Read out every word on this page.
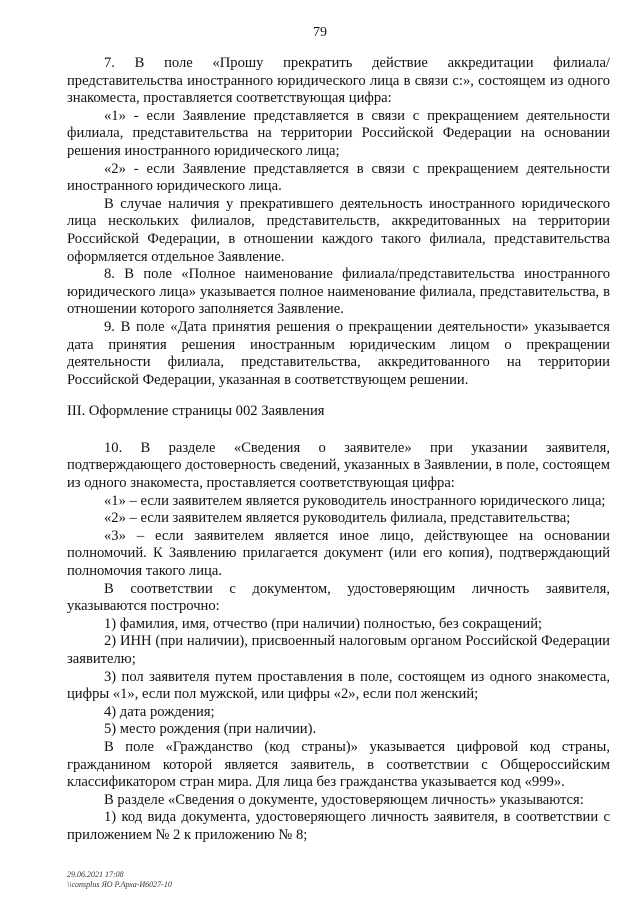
79

7. В поле «Прошу прекратить действие аккредитации филиала/представительства иностранного юридического лица в связи с:», состоящем из одного знакоместа, проставляется соответствующая цифра:

«1» - если Заявление представляется в связи с прекращением деятельности филиала, представительства на территории Российской Федерации на основании решения иностранного юридического лица;

«2» - если Заявление представляется в связи с прекращением деятельности иностранного юридического лица.

В случае наличия у прекратившего деятельность иностранного юридического лица нескольких филиалов, представительств, аккредитованных на территории Российской Федерации, в отношении каждого такого филиала, представительства оформляется отдельное Заявление.

8. В поле «Полное наименование филиала/представительства иностранного юридического лица» указывается полное наименование филиала, представительства, в отношении которого заполняется Заявление.

9. В поле «Дата принятия решения о прекращении деятельности» указывается дата принятия решения иностранным юридическим лицом о прекращении деятельности филиала, представительства, аккредитованного на территории Российской Федерации, указанная в соответствующем решении.

III. Оформление страницы 002 Заявления

10. В разделе «Сведения о заявителе» при указании заявителя, подтверждающего достоверность сведений, указанных в Заявлении, в поле, состоящем из одного знакоместа, проставляется соответствующая цифра:

«1» – если заявителем является руководитель иностранного юридического лица;

«2» – если заявителем является руководитель филиала, представительства;

«3» – если заявителем является иное лицо, действующее на основании полномочий. К Заявлению прилагается документ (или его копия), подтверждающий полномочия такого лица.

В соответствии с документом, удостоверяющим личность заявителя, указываются построчно:

1) фамилия, имя, отчество (при наличии) полностью, без сокращений;

2) ИНН (при наличии), присвоенный налоговым органом Российской Федерации заявителю;

3) пол заявителя путем проставления в поле, состоящем из одного знакоместа, цифры «1», если пол мужской, или цифры «2», если пол женский;

4) дата рождения;

5) место рождения (при наличии).

В поле «Гражданство (код страны)» указывается цифровой код страны, гражданином которой является заявитель, в соответствии с Общероссийским классификатором стран мира. Для лица без гражданства указывается код «999».

В разделе «Сведения о документе, удостоверяющем личность» указываются:

1) код вида документа, удостоверяющего личность заявителя, в соответствии с приложением № 2 к приложению № 8;

29.06.2021 17:08
\\consplus ЯО Р.Арха-И6027-10
